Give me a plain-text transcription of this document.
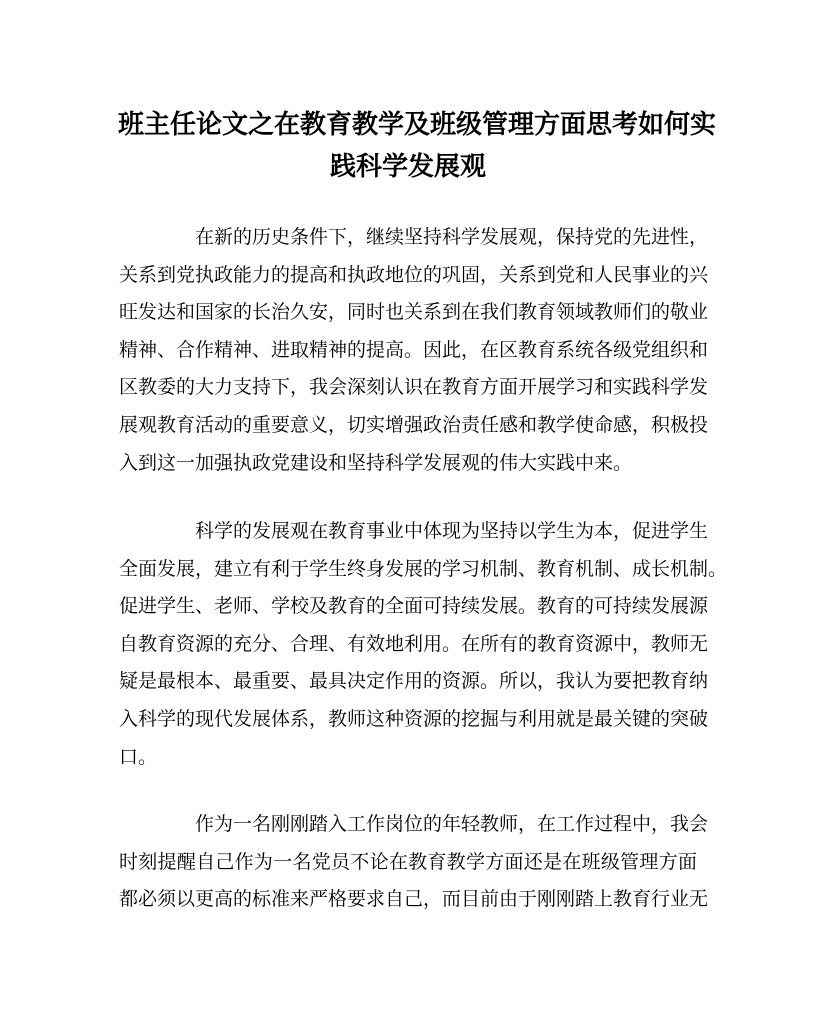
班主任论文之在教育教学及班级管理方面思考如何实
践科学发展观
在新的历史条件下，继续坚持科学发展观，保持党的先进性，
关系到党执政能力的提高和执政地位的巩固，关系到党和人民事业的兴
旺发达和国家的长治久安，同时也关系到在我们教育领域教师们的敬业
精神、合作精神、进取精神的提高。因此，在区教育系统各级党组织和
区教委的大力支持下，我会深刻认识在教育方面开展学习和实践科学发
展观教育活动的重要意义，切实增强政治责任感和教学使命感，积极投
入到这一加强执政党建设和坚持科学发展观的伟大实践中来。
科学的发展观在教育事业中体现为坚持以学生为本，促进学生
全面发展，建立有利于学生终身发展的学习机制、教育机制、成长机制。
促进学生、老师、学校及教育的全面可持续发展。教育的可持续发展源
自教育资源的充分、合理、有效地利用。在所有的教育资源中，教师无
疑是最根本、最重要、最具决定作用的资源。所以，我认为要把教育纳
入科学的现代发展体系，教师这种资源的挖掘与利用就是最关键的突破
口。
作为一名刚刚踏入工作岗位的年轻教师，在工作过程中，我会
时刻提醒自己作为一名党员不论在教育教学方面还是在班级管理方面
都必须以更高的标准来严格要求自己，而目前由于刚刚踏上教育行业无
